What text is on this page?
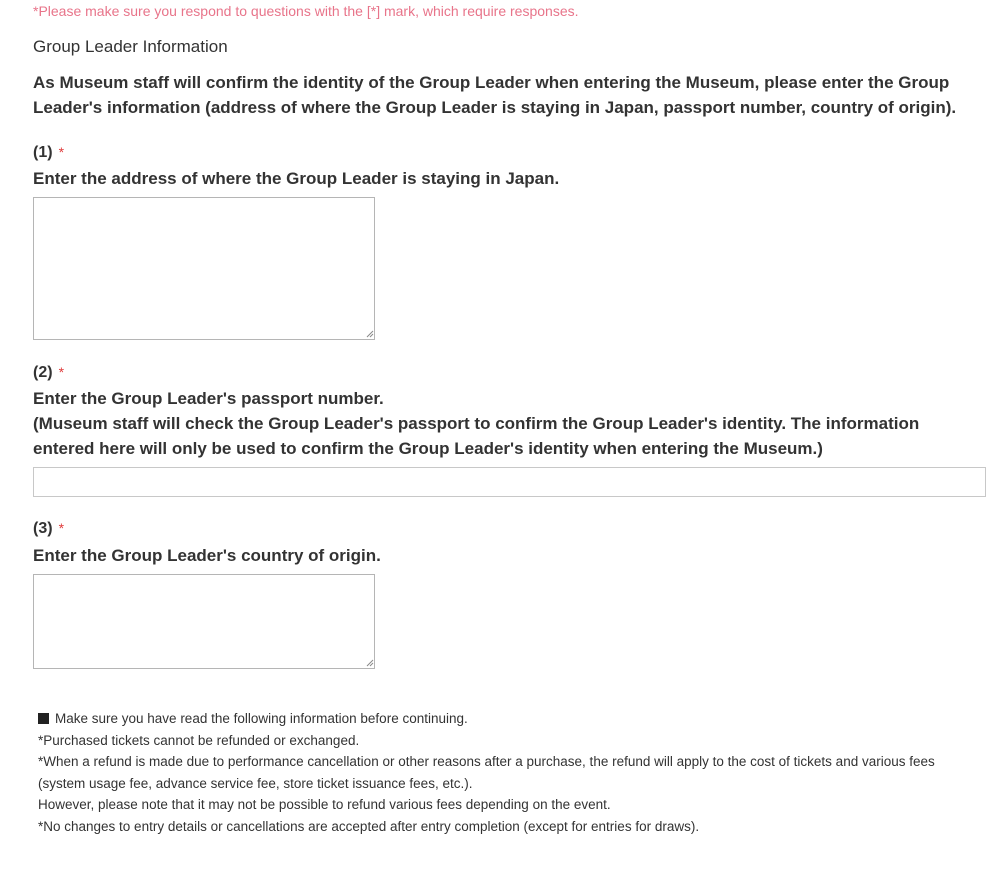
*Please make sure you respond to questions with the [*] mark, which require responses.
Group Leader Information
As Museum staff will confirm the identity of the Group Leader when entering the Museum, please enter the Group Leader's information (address of where the Group Leader is staying in Japan, passport number, country of origin).
(1) *
Enter the address of where the Group Leader is staying in Japan.
(2) *
Enter the Group Leader's passport number.
(Museum staff will check the Group Leader's passport to confirm the Group Leader's identity. The information entered here will only be used to confirm the Group Leader's identity when entering the Museum.)
(3) *
Enter the Group Leader's country of origin.
Make sure you have read the following information before continuing.
*Purchased tickets cannot be refunded or exchanged.
*When a refund is made due to performance cancellation or other reasons after a purchase, the refund will apply to the cost of tickets and various fees (system usage fee, advance service fee, store ticket issuance fees, etc.).
However, please note that it may not be possible to refund various fees depending on the event.
*No changes to entry details or cancellations are accepted after entry completion (except for entries for draws).
